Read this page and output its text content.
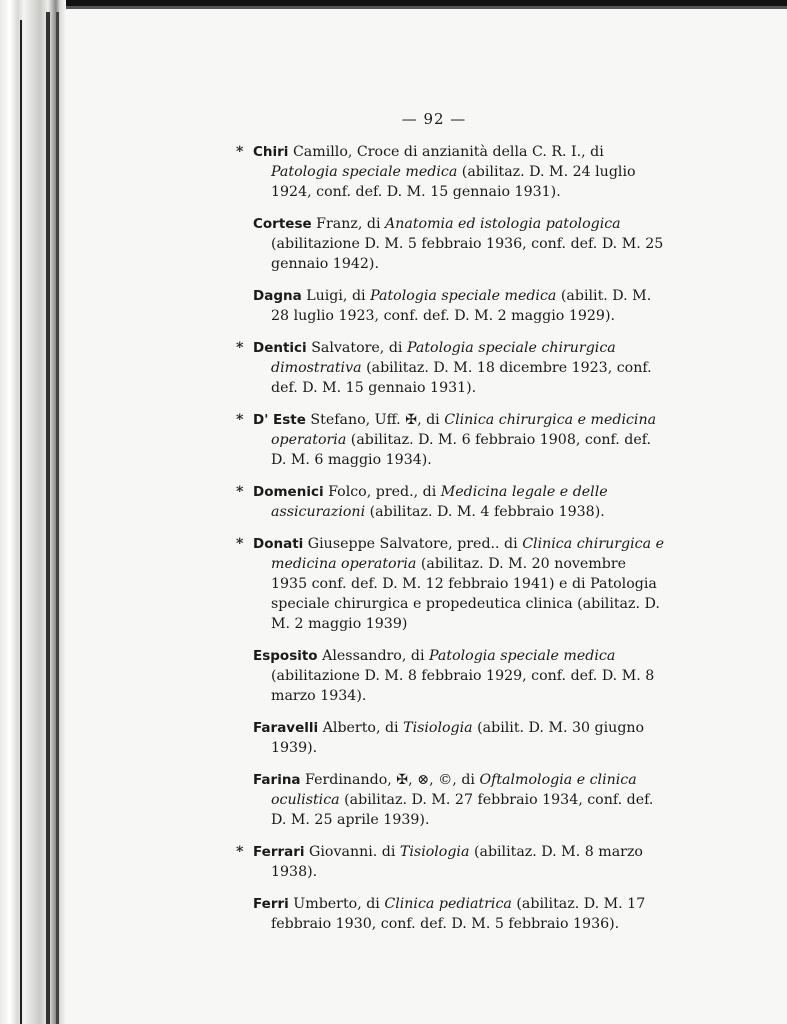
— 92 —
* Chiri Camillo, Croce di anzianità della C. R. I., di Patologia speciale medica (abilitaz. D. M. 24 luglio 1924, conf. def. D. M. 15 gennaio 1931).
Cortese Franz, di Anatomia ed istologia patologica (abilitazione D. M. 5 febbraio 1936, conf. def. D. M. 25 gennaio 1942).
Dagna Luigi, di Patologia speciale medica (abilit. D. M. 28 luglio 1923, conf. def. D. M. 2 maggio 1929).
* Dentici Salvatore, di Patologia speciale chirurgica dimostrativa (abilitaz. D. M. 18 dicembre 1923, conf. def. D. M. 15 gennaio 1931).
* D' Este Stefano, Uff. ✠, di Clinica chirurgica e medicina operatoria (abilitaz. D. M. 6 febbraio 1908, conf. def. D. M. 6 maggio 1934).
* Domenici Folco, pred., di Medicina legale e delle assicurazioni (abilitaz. D. M. 4 febbraio 1938).
* Donati Giuseppe Salvatore, pred.. di Clinica chirurgica e medicina operatoria (abilitaz. D. M. 20 novembre 1935 conf. def. D. M. 12 febbraio 1941) e di Patologia speciale chirurgica e propedeutica clinica (abilitaz. D. M. 2 maggio 1939)
Esposito Alessandro, di Patologia speciale medica (abilitazione D. M. 8 febbraio 1929, conf. def. D. M. 8 marzo 1934).
Faravelli Alberto, di Tisiologia (abilit. D. M. 30 giugno 1939).
Farina Ferdinando, ✠, ⊗, ©, di Oftalmologia e clinica oculistica (abilitaz. D. M. 27 febbraio 1934, conf. def. D. M. 25 aprile 1939).
* Ferrari Giovanni. di Tisiologia (abilitaz. D. M. 8 marzo 1938).
Ferri Umberto, di Clinica pediatrica (abilitaz. D. M. 17 febbraio 1930, conf. def. D. M. 5 febbraio 1936).
